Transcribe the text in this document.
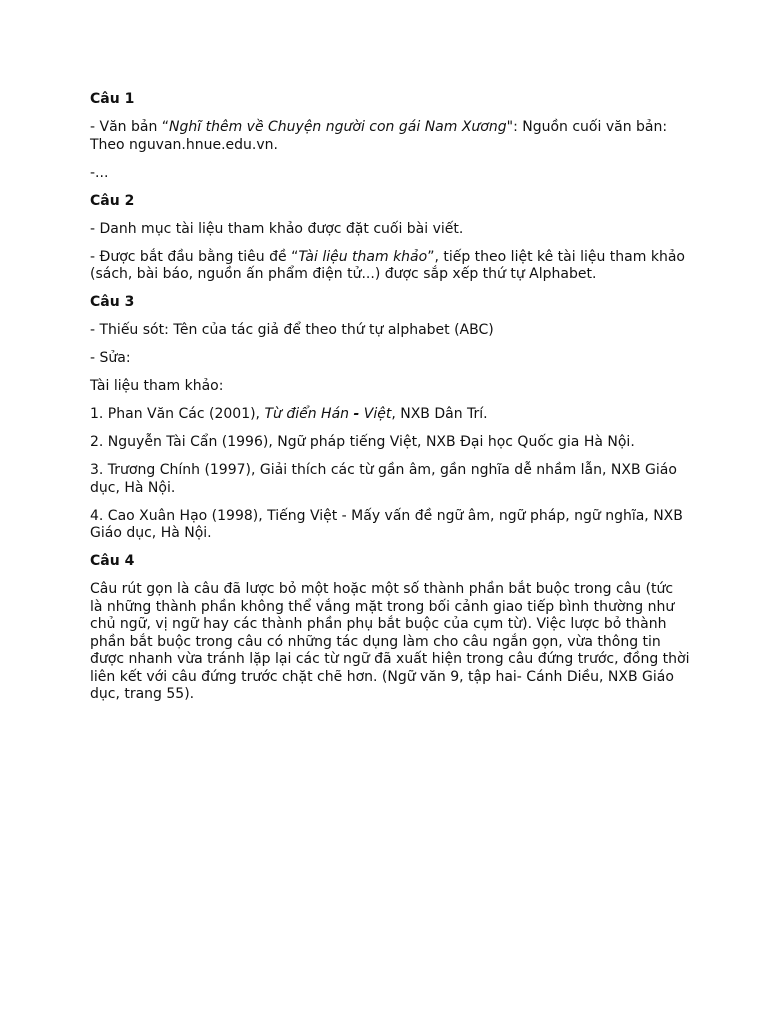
Câu 1

- Văn bản “Nghĩ thêm về Chuyện người con gái Nam Xương": Nguồn cuối văn bản: Theo nguvan.hnue.edu.vn.

-...

Câu 2

- Danh mục tài liệu tham khảo được đặt cuối bài viết.

- Được bắt đầu bằng tiêu đề “Tài liệu tham khảo”, tiếp theo liệt kê tài liệu tham khảo (sách, bài báo, nguồn ấn phẩm điện tử...) được sắp xếp thứ tự Alphabet.

Câu 3

- Thiếu sót: Tên của tác giả để theo thứ tự alphabet (ABC)

- Sửa:

Tài liệu tham khảo:

1. Phan Văn Các (2001), Từ điển Hán - Việt, NXB Dân Trí.

2. Nguyễn Tài Cẩn (1996), Ngữ pháp tiếng Việt, NXB Đại học Quốc gia Hà Nội.

3. Trương Chính (1997), Giải thích các từ gần âm, gần nghĩa dễ nhầm lẫn, NXB Giáo dục, Hà Nội.

4. Cao Xuân Hạo (1998), Tiếng Việt - Mấy vấn đề ngữ âm, ngữ pháp, ngữ nghĩa, NXB Giáo dục, Hà Nội.

Câu 4

Câu rút gọn là câu đã lược bỏ một hoặc một số thành phần bắt buộc trong câu (tức là những thành phần không thể vắng mặt trong bối cảnh giao tiếp bình thường như chủ ngữ, vị ngữ hay các thành phần phụ bắt buộc của cụm từ). Việc lược bỏ thành phần bắt buộc trong câu có những tác dụng làm cho câu ngắn gọn, vừa thông tin được nhanh vừa tránh lặp lại các từ ngữ đã xuất hiện trong câu đứng trước, đồng thời liên kết với câu đứng trước chặt chẽ hơn. (Ngữ văn 9, tập hai- Cánh Diều, NXB Giáo dục, trang 55).
